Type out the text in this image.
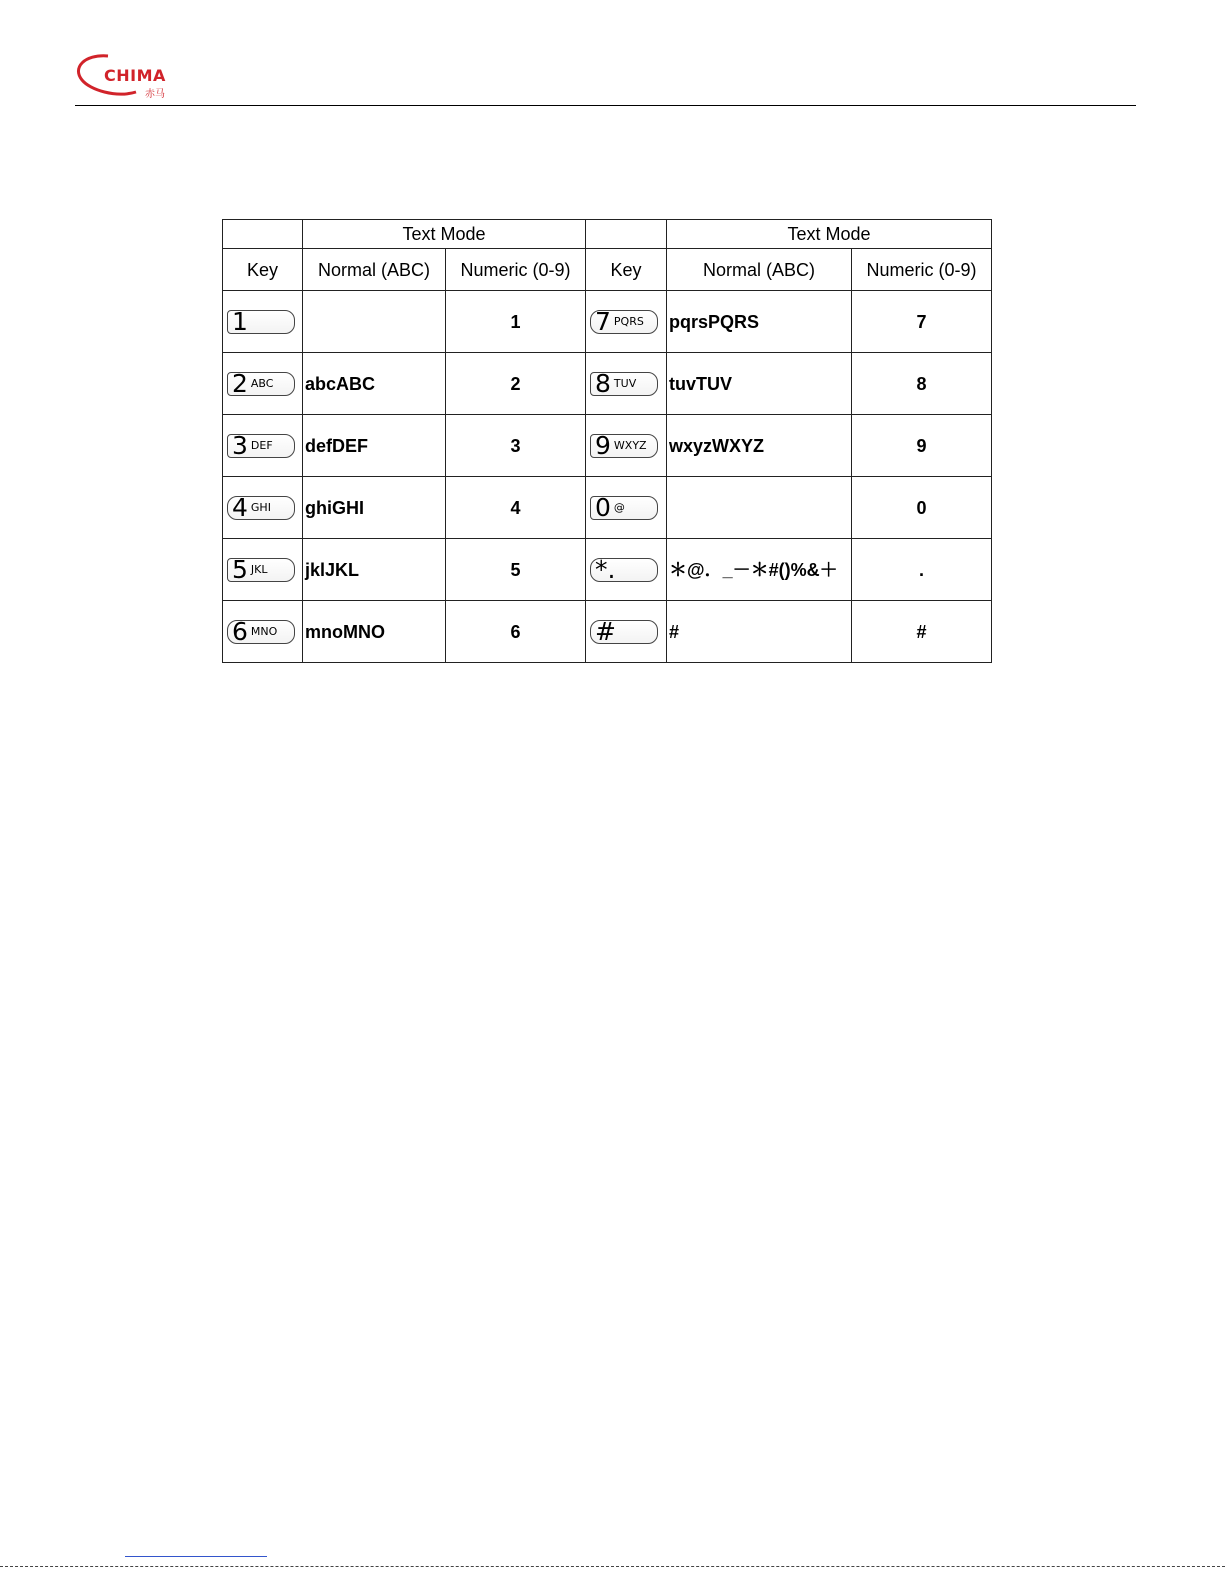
CHIMA
赤马
	Text Mode			Text Mode	
Key	Normal (ABC)	Numeric (0-9)	Key	Normal (ABC)	Numeric (0-9)

1		1	7 PQRS	pqrsPQRS	7

2 ABC	abcABC	2	8 TUV	tuvTUV	8

3 DEF	defDEF	3	9 WXYZ	wxyzWXYZ	9

4 GHI	ghiGHI	4	0 @		0

5 JKL	jklJKL	5	*.	＊@．_－＊#()%&＋	.

6 MNO	mnoMNO	6	#	#	#
